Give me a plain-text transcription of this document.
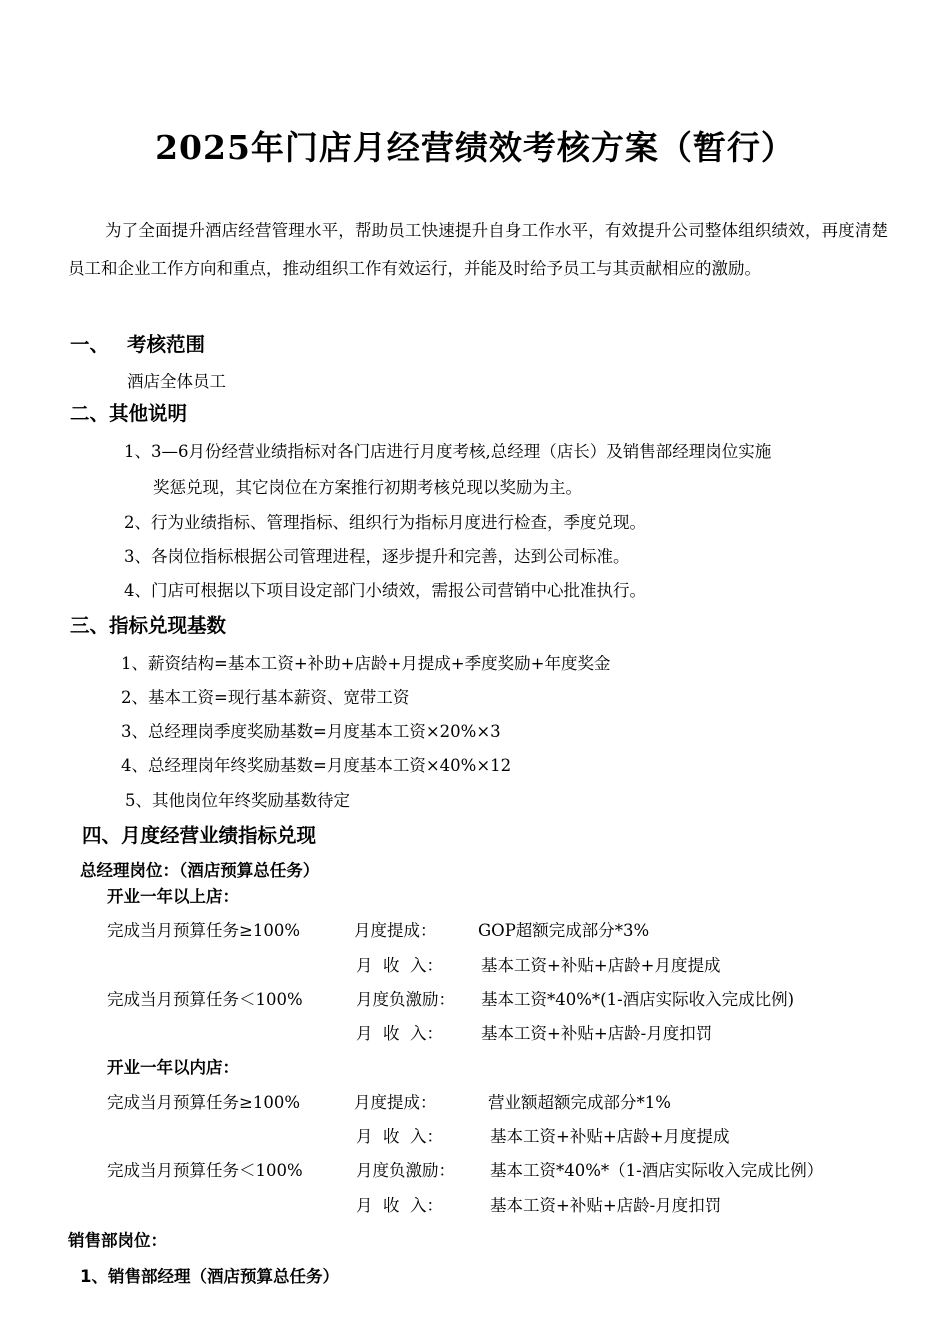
2025年门店月经营绩效考核方案（暂行）
为了全面提升酒店经营管理水平，帮助员工快速提升自身工作水平，有效提升公司整体组织绩效，再度清楚员工和企业工作方向和重点，推动组织工作有效运行，并能及时给予员工与其贡献相应的激励。
一、 考核范围
酒店全体员工
二、其他说明
1、3—6月份经营业绩指标对各门店进行月度考核,总经理（店长）及销售部经理岗位实施
奖惩兑现，其它岗位在方案推行初期考核兑现以奖励为主。
2、行为业绩指标、管理指标、组织行为指标月度进行检查，季度兑现。
3、各岗位指标根据公司管理进程，逐步提升和完善，达到公司标准。
4、门店可根据以下项目设定部门小绩效，需报公司营销中心批准执行。
三、指标兑现基数
1、薪资结构=基本工资+补助+店龄+月提成+季度奖励+年度奖金
2、基本工资=现行基本薪资、宽带工资
3、总经理岗季度奖励基数=月度基本工资×20%×3
4、总经理岗年终奖励基数=月度基本工资×40%×12
5、其他岗位年终奖励基数待定
四、月度经营业绩指标兑现
总经理岗位：（酒店预算总任务）
开业一年以上店：
完成当月预算任务≥100%	月度提成：	GOP超额完成部分*3%
月  收  入： 基本工资+补贴+店龄+月度提成
完成当月预算任务＜100%	月度负激励： 基本工资*40%*(1-酒店实际收入完成比例)
月  收  入： 基本工资+补贴+店龄-月度扣罚
开业一年以内店：
完成当月预算任务≥100%	月度提成：	营业额超额完成部分*1%
月  收  入：	基本工资+补贴+店龄+月度提成
完成当月预算任务＜100%	月度负激励： 基本工资*40%*（1-酒店实际收入完成比例）
月  收  入：	基本工资+补贴+店龄-月度扣罚
销售部岗位：
1、销售部经理（酒店预算总任务）
